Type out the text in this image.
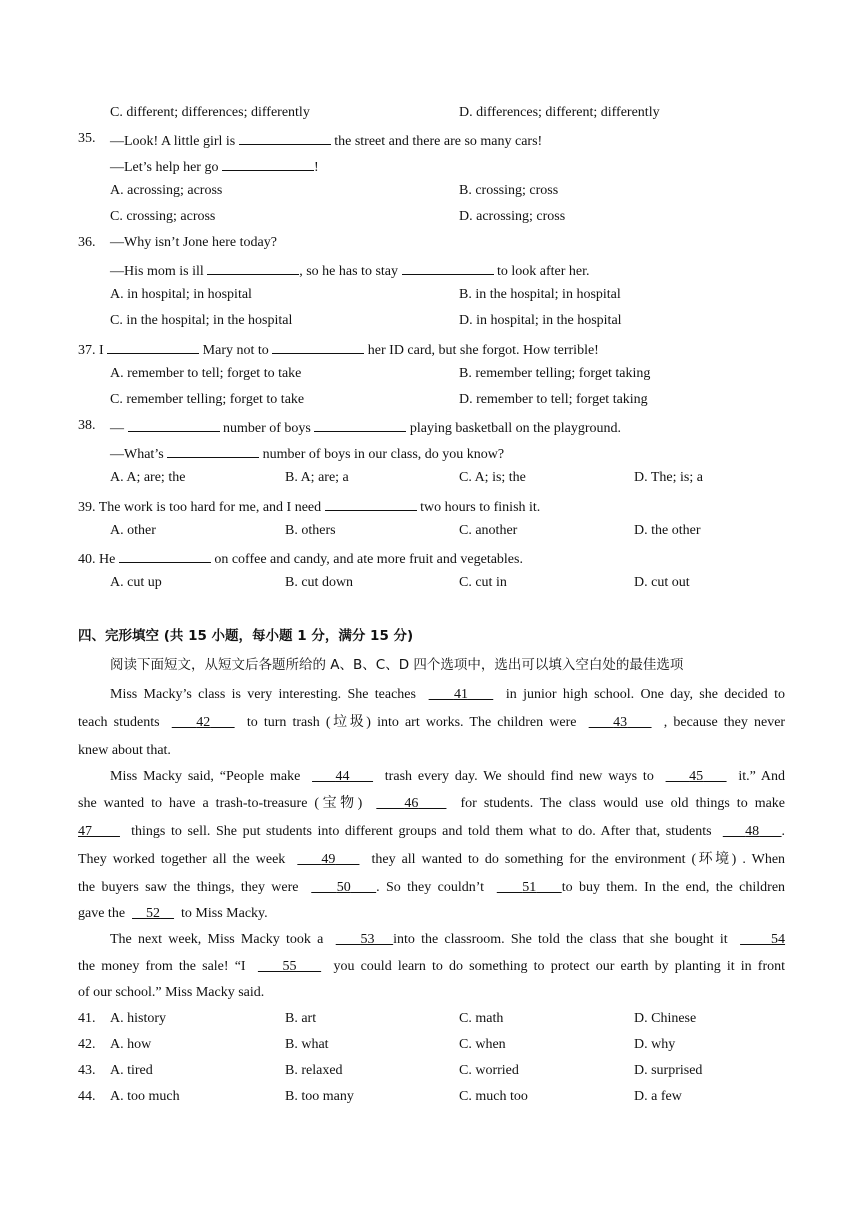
C. different; differences; differently	D. differences; different; differently
35. —Look! A little girl is	the street and there are so many cars!
—Let’s help her go	!
A. acrossing; across	B. crossing; cross
C. crossing; across	D. acrossing; cross
36. —Why isn’t Jone here today?
—His mom is ill	, so he has to stay	to look after her.
A. in hospital; in hospital	B. in the hospital; in hospital
C. in the hospital; in the hospital	D. in hospital; in the hospital
37. I	Mary not to	her ID card, but she forgot. How terrible!
A. remember to tell; forget to take	B. remember telling; forget taking
C. remember telling; forget to take	D. remember to tell; forget taking
38. —	number of boys	playing basketball on the playground.
—What’s	number of boys in our class, do you know?
A. A; are; the	B. A; are; a	C. A; is; the	D. The; is; a
39. The work is too hard for me, and I need	two hours to finish it.
A. other	B. others	C. another	D. the other
40. He	on coffee and candy, and ate more fruit and vegetables.
A. cut up	B. cut down	C. cut in	D. cut out
四、完形填空 (共 15 小题，每小题 1 分，满分 15 分)
阅读下面短文，从短文后各题所给的 A、B、C、D 四个选项中，选出可以填入空白处的最佳选项
Miss Macky’s class is very interesting. She teaches	41	in junior high school. One day, she decided to
teach students	42	to turn trash (垃圾) into art works. The children were	43	, because they never
knew about that.
Miss Macky said, “People make	44	trash every day. We should find new ways to	45	it.” And
she wanted to have a trash-to-treasure (宝物)	46	for students. The class would use old things to make
47	things to sell. She put students into different groups and told them what to do. After that, students 48 .
They worked together all the week	49	they all wanted to do something for the environment (环境) . When
the buyers saw the things, they were	50 . So they couldn’t	51 to buy them. In the end, the children
gave the 52 to Miss Macky.
The next week, Miss Macky took a	53 into the classroom. She told the class that she bought it	54
the money from the sale! “I	55	you could learn to do something to protect our earth by planting it in front
of our school.” Miss Macky said.
41. A. history	B. art	C. math	D. Chinese
42. A. how	B. what	C. when	D. why
43. A. tired	B. relaxed	C. worried	D. surprised
44. A. too much	B. too many	C. much too	D. a few
